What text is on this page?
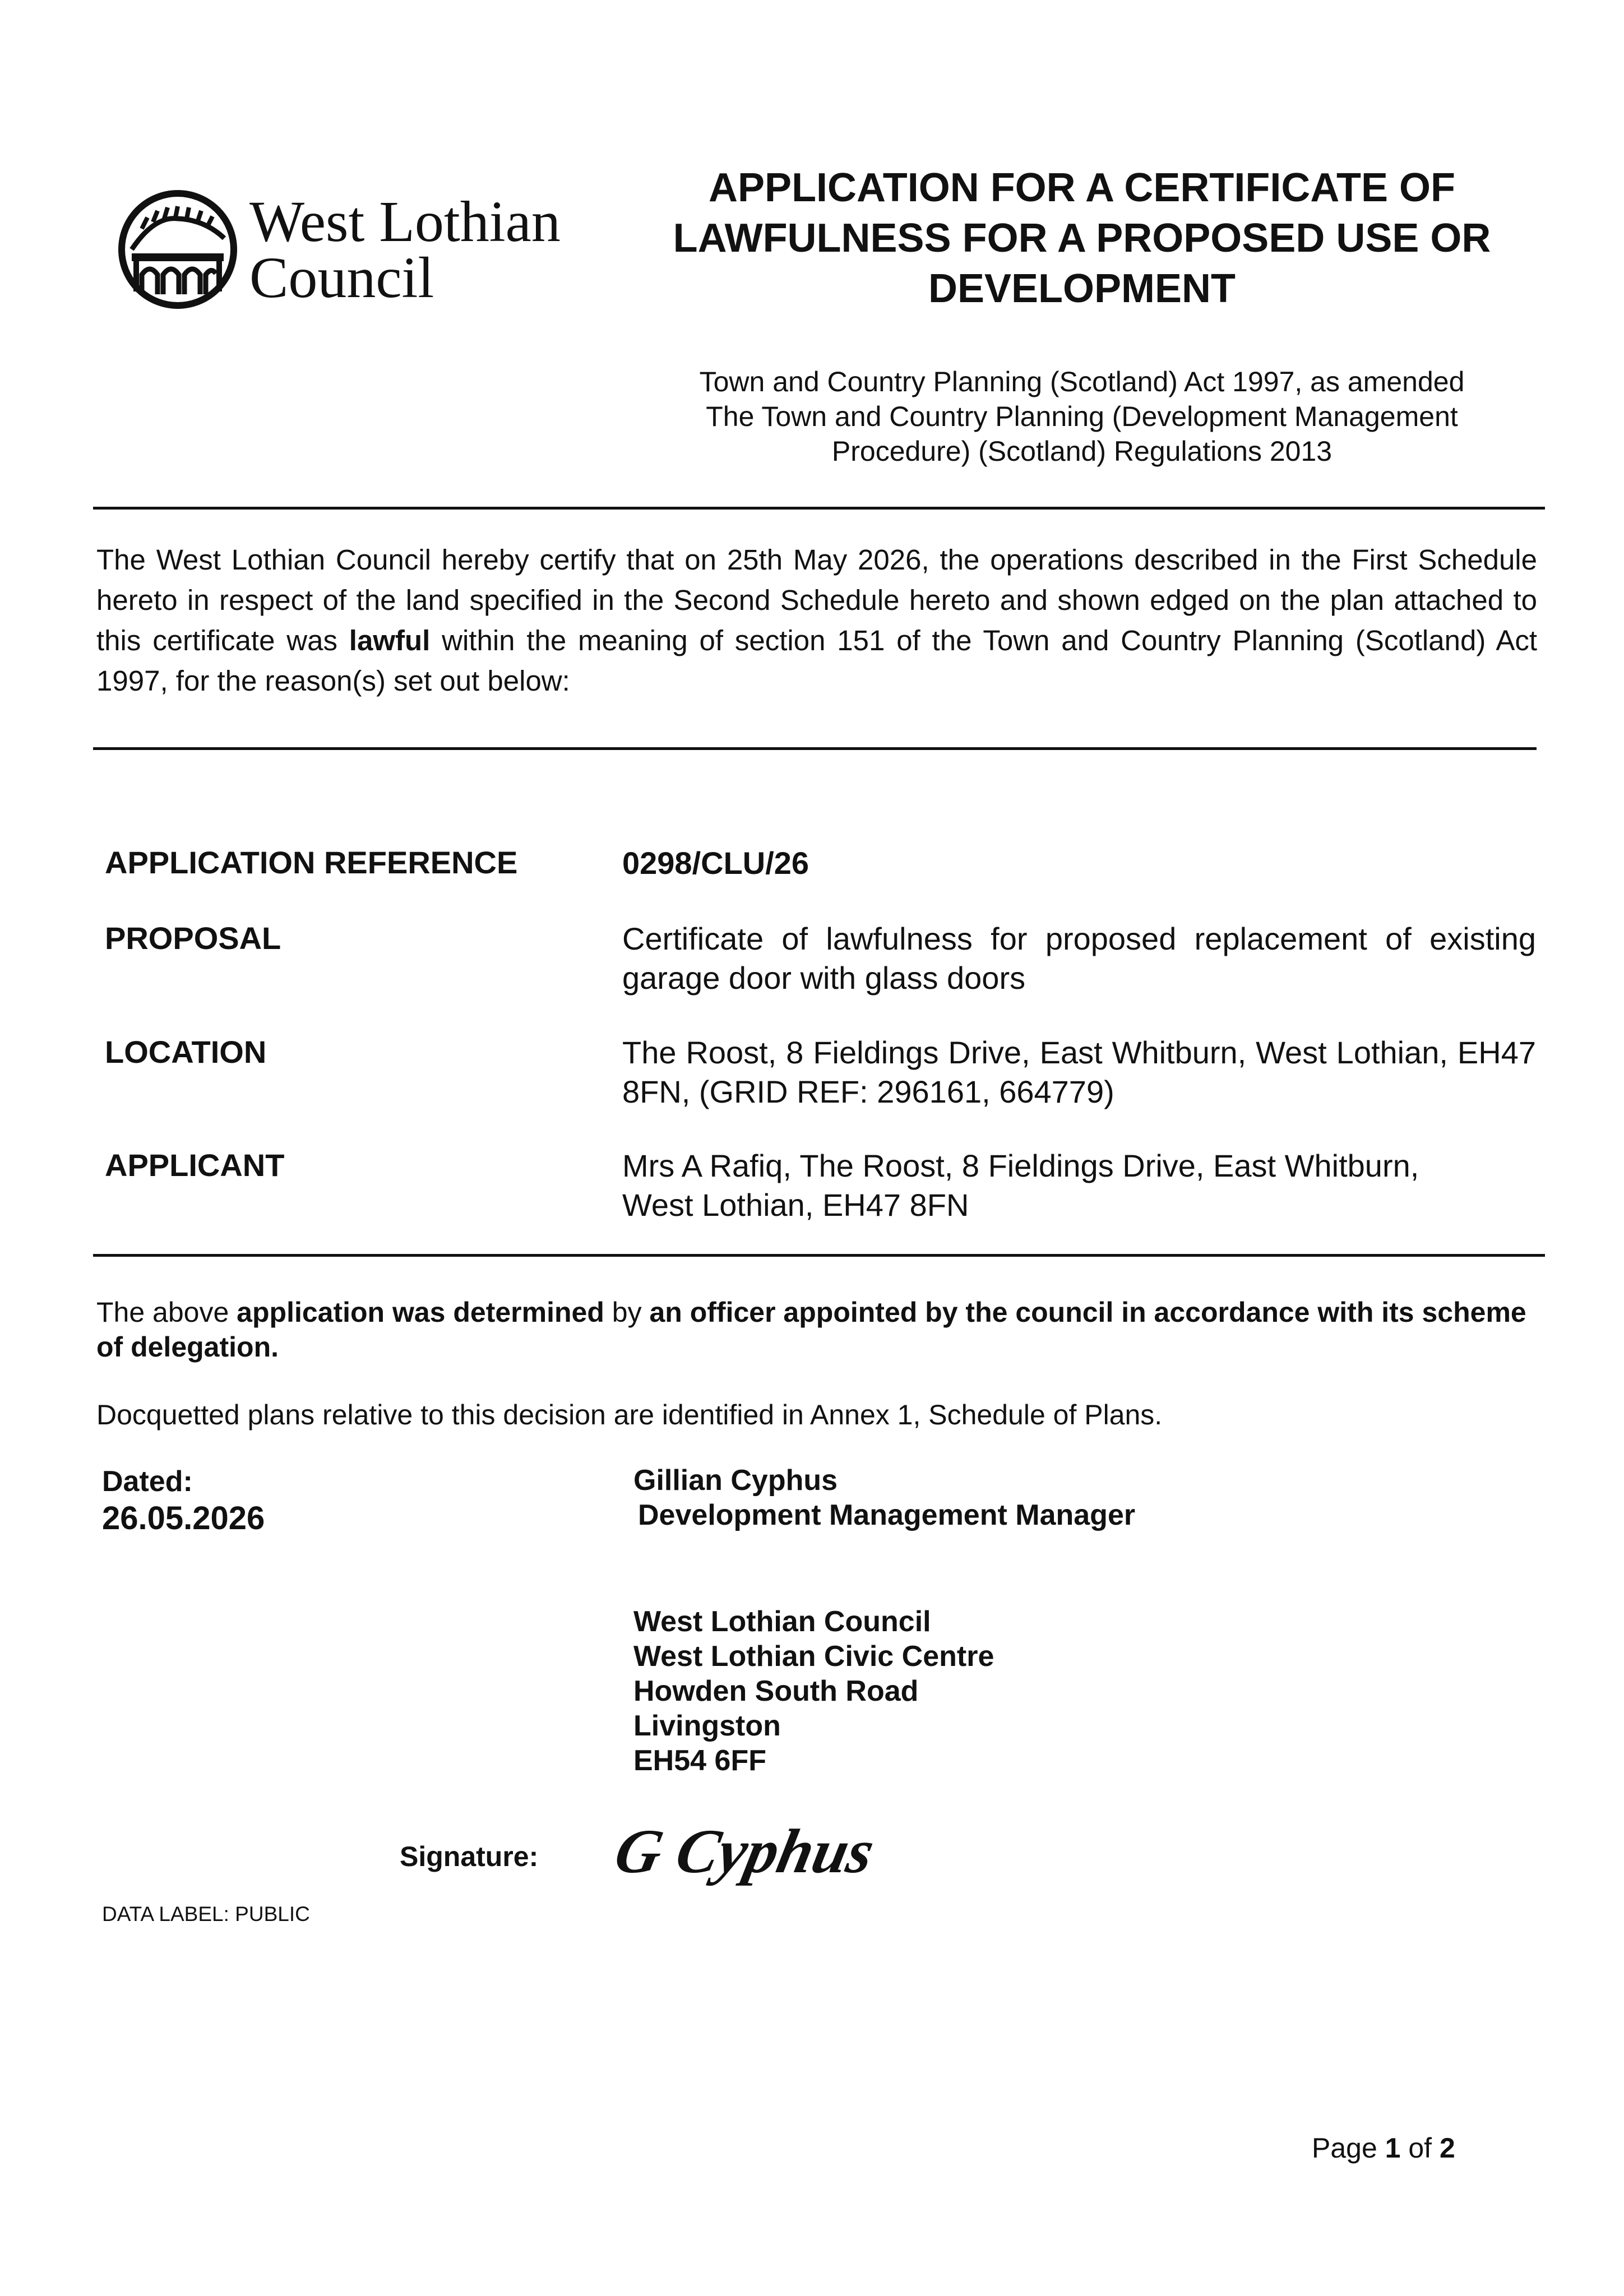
West Lothian
Council
APPLICATION FOR A CERTIFICATE OF
LAWFULNESS FOR A PROPOSED USE OR
DEVELOPMENT
Town and Country Planning (Scotland) Act 1997, as amended
The Town and Country Planning (Development Management
Procedure) (Scotland) Regulations 2013
The West Lothian Council hereby certify that on 25th May 2026, the operations described in the First Schedule hereto in respect of the land specified in the Second Schedule hereto and shown edged on the plan attached to this certificate was lawful within the meaning of section 151 of the Town and Country Planning (Scotland) Act 1997, for the reason(s) set out below:
APPLICATION REFERENCE	0298/CLU/26
PROPOSAL	Certificate of lawfulness for proposed replacement of existing garage door with glass doors
LOCATION	The Roost, 8 Fieldings Drive, East Whitburn, West Lothian, EH47 8FN, (GRID REF: 296161, 664779)
APPLICANT	Mrs A Rafiq, The Roost, 8 Fieldings Drive, East Whitburn,
West Lothian, EH47 8FN
The above application was determined by an officer appointed by the council in accordance with its scheme of delegation.
Docquetted plans relative to this decision are identified in Annex 1, Schedule of Plans.
Dated:
26.05.2026
Gillian Cyphus
Development Management Manager
West Lothian Council
West Lothian Civic Centre
Howden South Road
Livingston
EH54 6FF
Signature: G Cyphus
DATA LABEL: PUBLIC
Page 1 of 2
